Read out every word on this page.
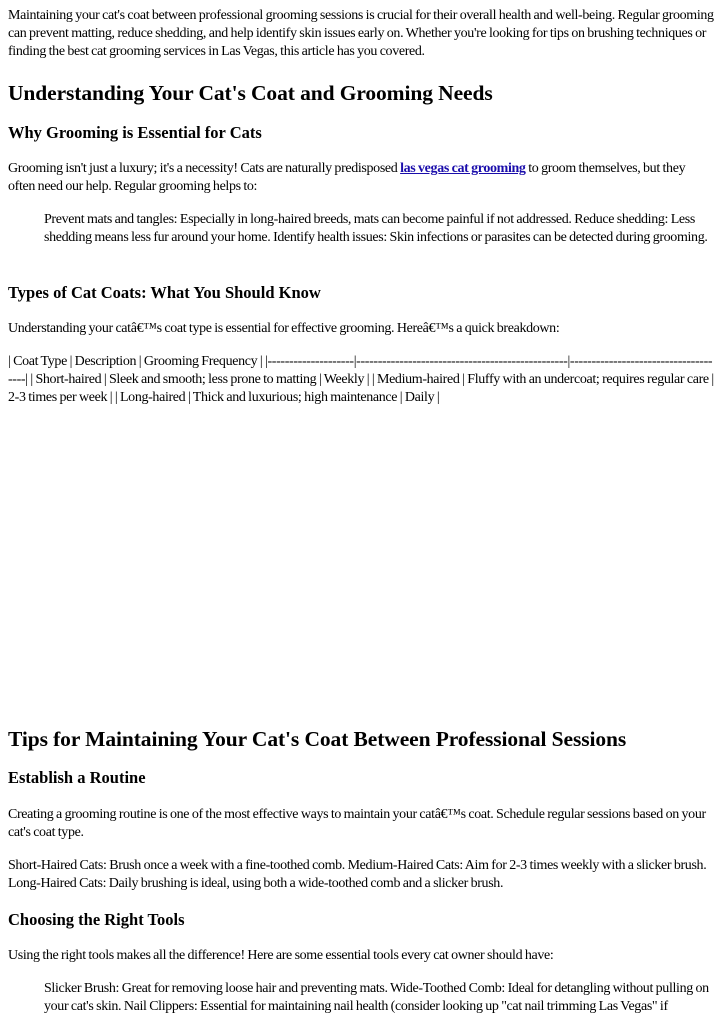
Maintaining your cat's coat between professional grooming sessions is crucial for their overall health and well-being. Regular grooming can prevent matting, reduce shedding, and help identify skin issues early on. Whether you're looking for tips on brushing techniques or finding the best cat grooming services in Las Vegas, this article has you covered.

Understanding Your Cat's Coat and Grooming Needs
Why Grooming is Essential for Cats

Grooming isn't just a luxury; it's a necessity! Cats are naturally predisposed las vegas cat grooming to groom themselves, but they often need our help. Regular grooming helps to:

Prevent mats and tangles: Especially in long-haired breeds, mats can become painful if not addressed. Reduce shedding: Less shedding means less fur around your home. Identify health issues: Skin infections or parasites can be detected during grooming.

Types of Cat Coats: What You Should Know

Understanding your catâ€™s coat type is essential for effective grooming. Hereâ€™s a quick breakdown:

| Coat Type | Description | Grooming Frequency | |--------------------|-------------------------------------------------|-------------------------------------| | Short-haired | Sleek and smooth; less prone to matting | Weekly | | Medium-haired | Fluffy with an undercoat; requires regular care | 2-3 times per week | | Long-haired | Thick and luxurious; high maintenance | Daily |

Tips for Maintaining Your Cat's Coat Between Professional Sessions
Establish a Routine

Creating a grooming routine is one of the most effective ways to maintain your catâ€™s coat. Schedule regular sessions based on your cat's coat type.

Short-Haired Cats: Brush once a week with a fine-toothed comb. Medium-Haired Cats: Aim for 2-3 times weekly with a slicker brush. Long-Haired Cats: Daily brushing is ideal, using both a wide-toothed comb and a slicker brush.

Choosing the Right Tools

Using the right tools makes all the difference! Here are some essential tools every cat owner should have:

Slicker Brush: Great for removing loose hair and preventing mats. Wide-Toothed Comb: Ideal for detangling without pulling on your cat's skin. Nail Clippers: Essential for maintaining nail health (consider looking up "cat nail trimming Las Vegas" if
